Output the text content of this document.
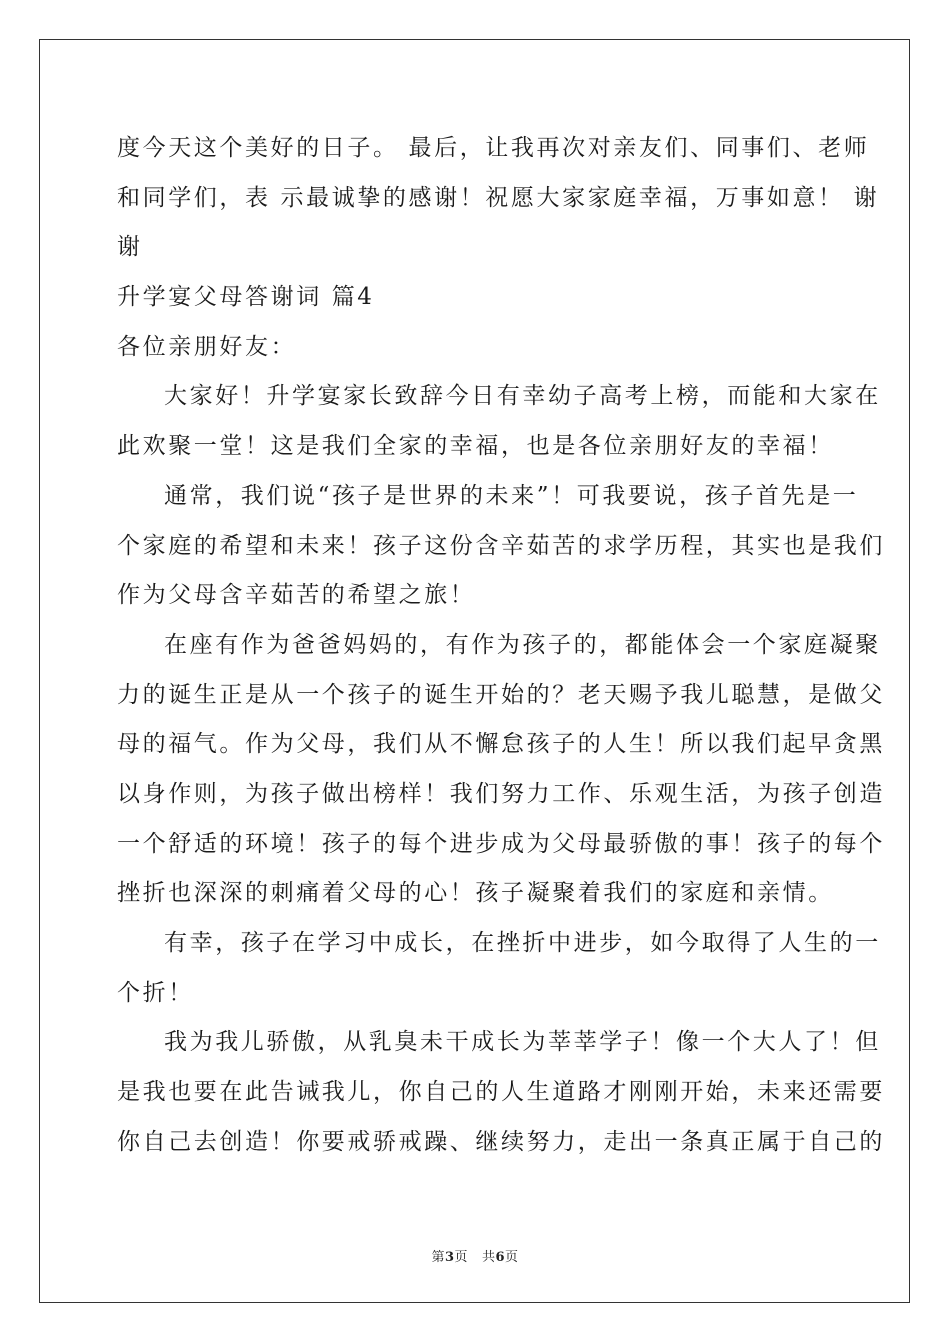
度今天这个美好的日子。 最后，让我再次对亲友们、同事们、老师
和同学们，表 示最诚挚的感谢！祝愿大家家庭幸福，万事如意！ 谢
谢
升学宴父母答谢词 篇4
各位亲朋好友：
大家好！升学宴家长致辞今日有幸幼子高考上榜，而能和大家在
此欢聚一堂！这是我们全家的幸福，也是各位亲朋好友的幸福！
通常，我们说“孩子是世界的未来”！可我要说，孩子首先是一
个家庭的希望和未来！孩子这份含辛茹苦的求学历程，其实也是我们
作为父母含辛茹苦的希望之旅！
在座有作为爸爸妈妈的，有作为孩子的，都能体会一个家庭凝聚
力的诞生正是从一个孩子的诞生开始的？老天赐予我儿聪慧，是做父
母的福气。作为父母，我们从不懈怠孩子的人生！所以我们起早贪黑
以身作则，为孩子做出榜样！我们努力工作、乐观生活，为孩子创造
一个舒适的环境！孩子的每个进步成为父母最骄傲的事！孩子的每个
挫折也深深的刺痛着父母的心！孩子凝聚着我们的家庭和亲情。
有幸，孩子在学习中成长，在挫折中进步，如今取得了人生的一
个折！
我为我儿骄傲，从乳臭未干成长为莘莘学子！像一个大人了！但
是我也要在此告诫我儿，你自己的人生道路才刚刚开始，未来还需要
你自己去创造！你要戒骄戒躁、继续努力，走出一条真正属于自己的
第3页 共6页
